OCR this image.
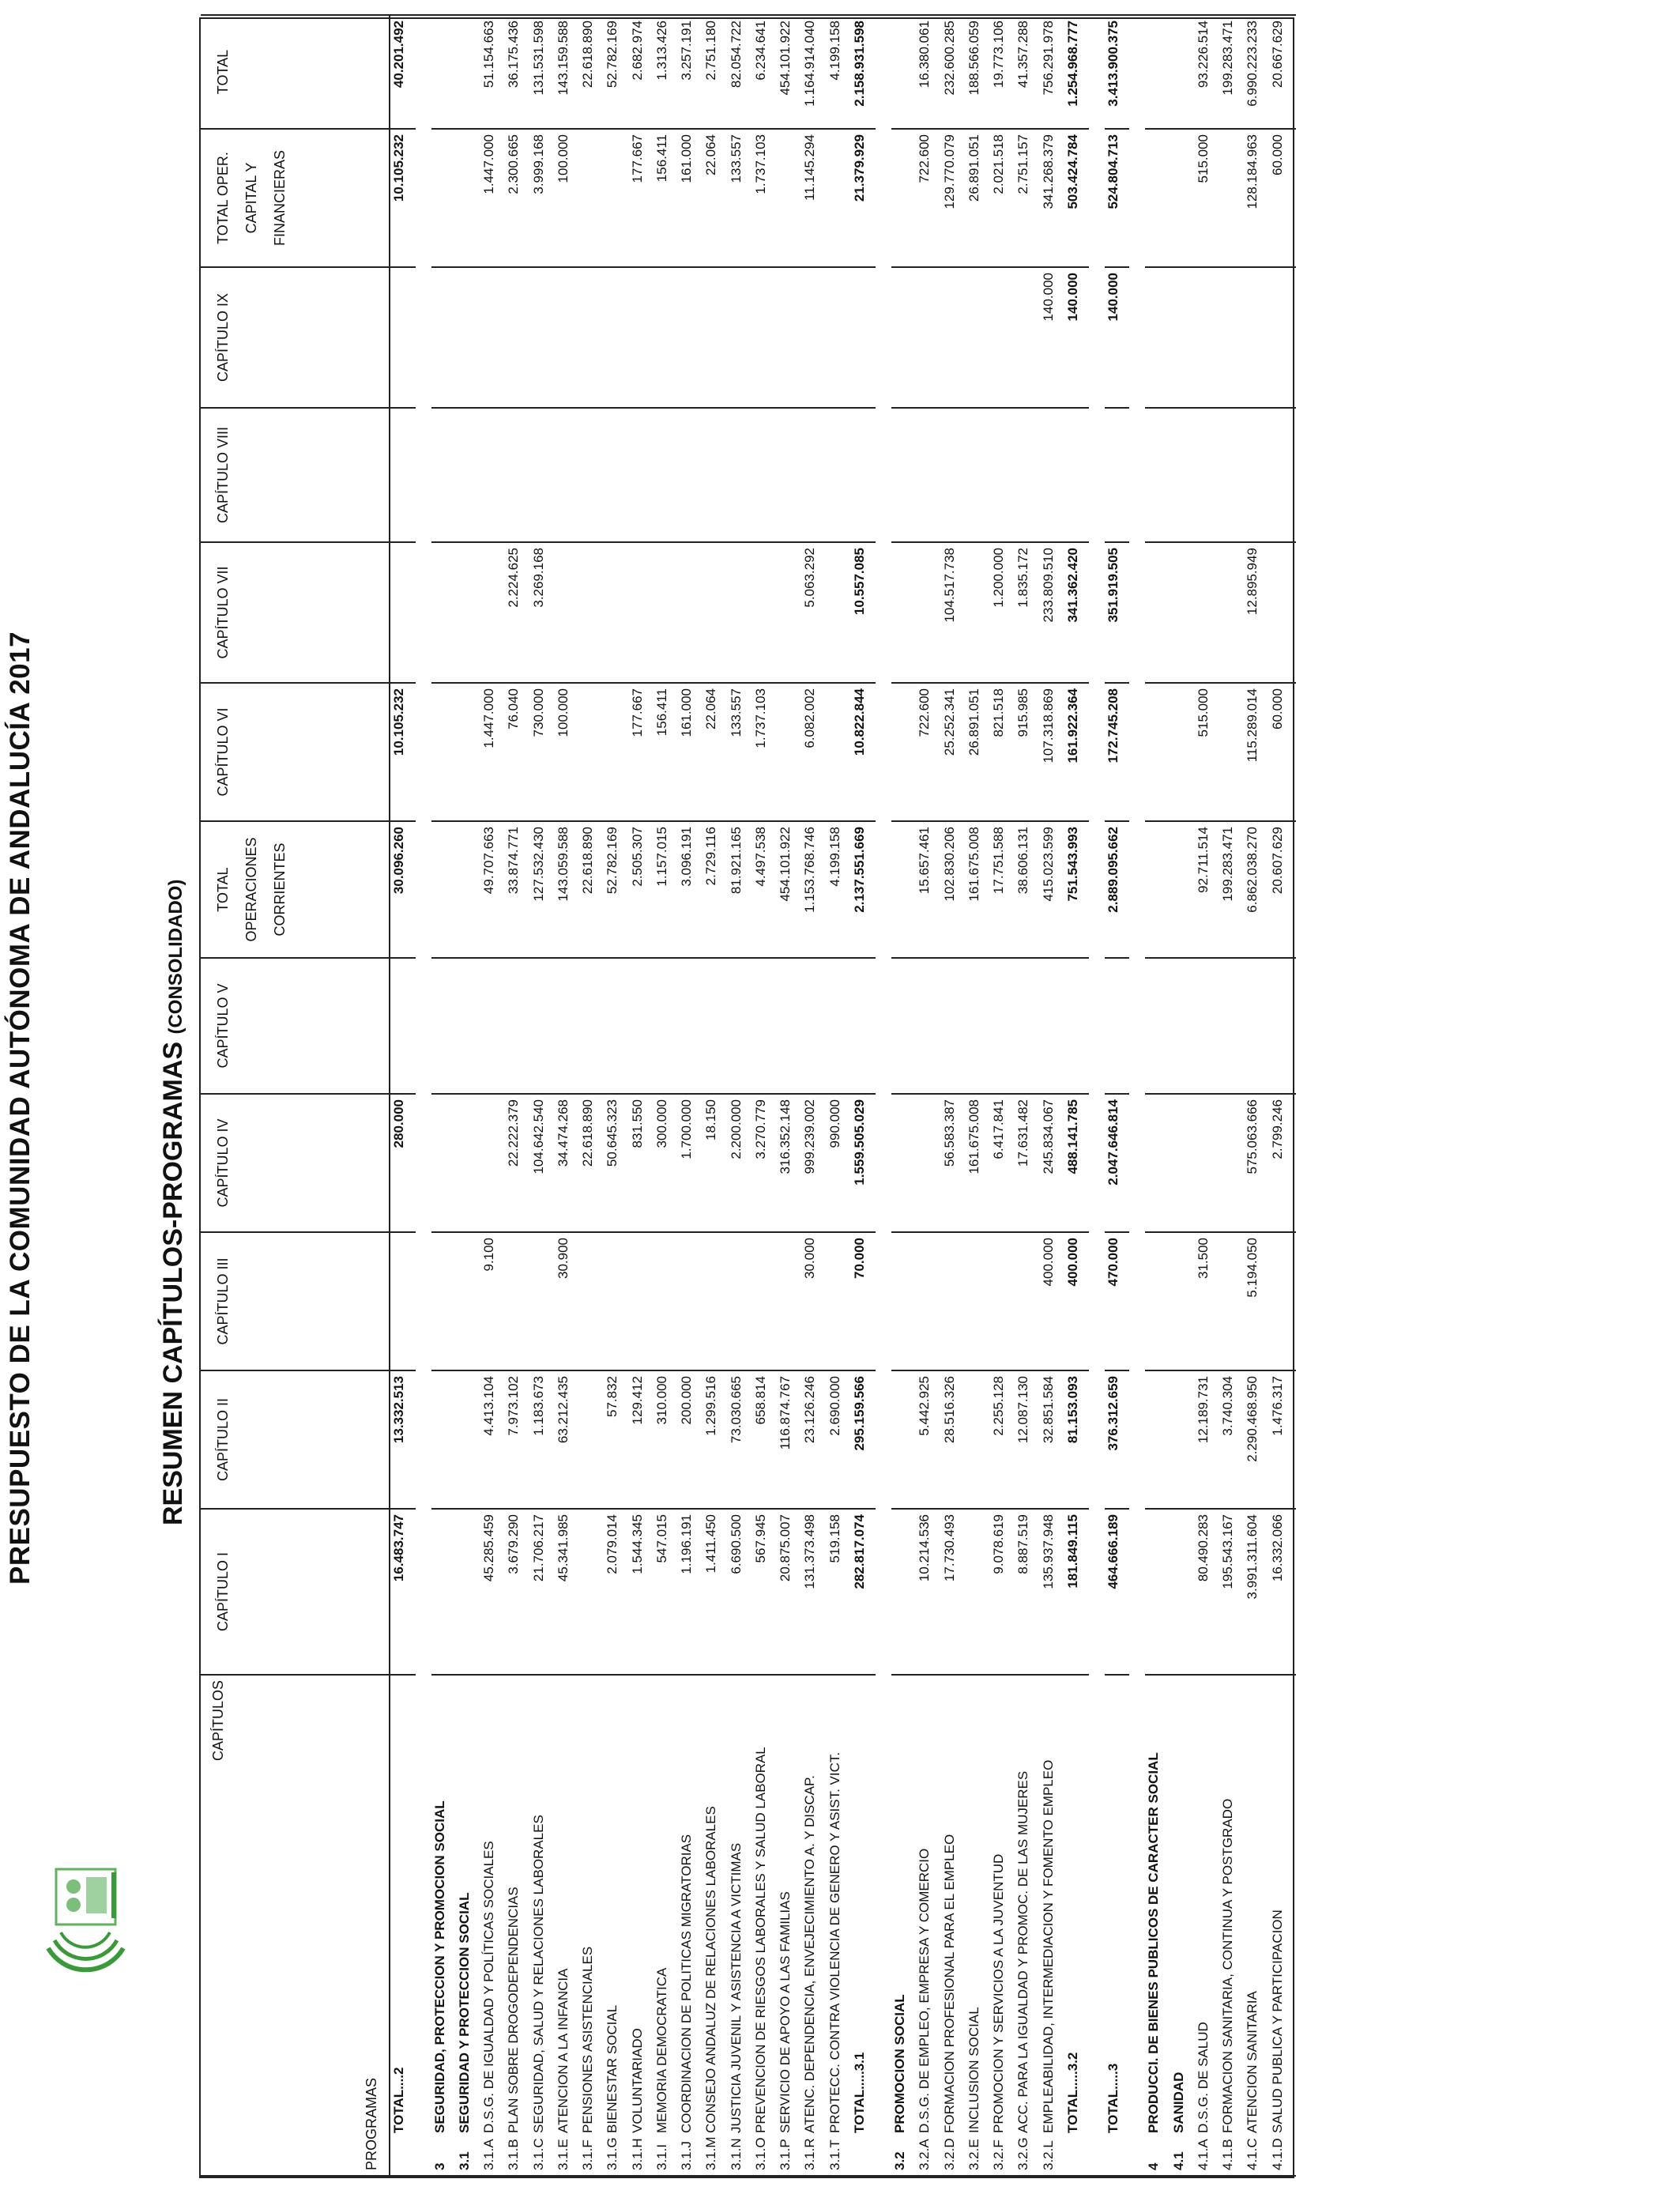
PRESUPUESTO DE LA COMUNIDAD AUTÓNOMA DE ANDALUCÍA 2017	RESUMEN CAPÍTULOS-PROGRAMAS (CONSOLIDADO)
CAPÍTULOS
PROGRAMAS		CAPÍTULO I	CAPÍTULO II	CAPÍTULO III	CAPÍTULO IV	CAPÍTULO V	TOTAL OPERACIONES CORRIENTES	CAPÍTULO VI	CAPÍTULO VII	CAPÍTULO VIII	CAPÍTULO IX	TOTAL OPER. CAPITAL Y FINANCIERAS	TOTAL
	TOTAL....2	16.483.747	13.332.513		280.000		30.096.260	10.105.232				10.105.232	40.201.492

3	SEGURIDAD, PROTECCION Y PROMOCION SOCIAL												
3.1	SEGURIDAD Y PROTECCION SOCIAL												
3.1.A	D.S.G. DE IGUALDAD Y POLÍTICAS SOCIALES	45.285.459	4.413.104	9.100			49.707.663	1.447.000				1.447.000	51.154.663
3.1.B	PLAN SOBRE DROGODEPENDENCIAS	3.679.290	7.973.102		22.222.379		33.874.771	76.040	2.224.625			2.300.665	36.175.436
3.1.C	SEGURIDAD, SALUD Y RELACIONES LABORALES	21.706.217	1.183.673		104.642.540		127.532.430	730.000	3.269.168			3.999.168	131.531.598
3.1.E	ATENCION A LA INFANCIA	45.341.985	63.212.435	30.900	34.474.268		143.059.588	100.000				100.000	143.159.588
3.1.F	PENSIONES ASISTENCIALES				22.618.890		22.618.890						22.618.890
3.1.G	BIENESTAR SOCIAL	2.079.014	57.832		50.645.323		52.782.169						52.782.169
3.1.H	VOLUNTARIADO	1.544.345	129.412		831.550		2.505.307	177.667				177.667	2.682.974
3.1.I	MEMORIA DEMOCRATICA	547.015	310.000		300.000		1.157.015	156.411				156.411	1.313.426
3.1.J	COORDINACION DE POLITICAS MIGRATORIAS	1.196.191	200.000		1.700.000		3.096.191	161.000				161.000	3.257.191
3.1.M	CONSEJO ANDALUZ DE RELACIONES LABORALES	1.411.450	1.299.516		18.150		2.729.116	22.064				22.064	2.751.180
3.1.N	JUSTICIA JUVENIL Y ASISTENCIA A VICTIMAS	6.690.500	73.030.665		2.200.000		81.921.165	133.557				133.557	82.054.722
3.1.O	PREVENCION DE RIESGOS LABORALES Y SALUD LABORAL	567.945	658.814		3.270.779		4.497.538	1.737.103				1.737.103	6.234.641
3.1.P	SERVICIO DE APOYO A LAS FAMILIAS	20.875.007	116.874.767		316.352.148		454.101.922						454.101.922
3.1.R	ATENC. DEPENDENCIA, ENVEJECIMIENTO A. Y DISCAP.	131.373.498	23.126.246	30.000	999.239.002		1.153.768.746	6.082.002	5.063.292			11.145.294	1.164.914.040
3.1.T	PROTECC. CONTRA VIOLENCIA DE GENERO Y ASIST. VICT.	519.158	2.690.000		990.000		4.199.158						4.199.158
	TOTAL.....3.1	282.817.074	295.159.566	70.000	1.559.505.029		2.137.551.669	10.822.844	10.557.085			21.379.929	2.158.931.598

3.2	PROMOCION SOCIAL												
3.2.A	D.S.G. DE EMPLEO, EMPRESA Y COMERCIO	10.214.536	5.442.925				15.657.461	722.600				722.600	16.380.061
3.2.D	FORMACION PROFESIONAL PARA EL EMPLEO	17.730.493	28.516.326		56.583.387		102.830.206	25.252.341	104.517.738			129.770.079	232.600.285
3.2.E	INCLUSION SOCIAL				161.675.008		161.675.008	26.891.051				26.891.051	188.566.059
3.2.F	PROMOCION Y SERVICIOS A LA JUVENTUD	9.078.619	2.255.128		6.417.841		17.751.588	821.518	1.200.000			2.021.518	19.773.106
3.2.G	ACC. PARA LA IGUALDAD Y PROMOC. DE LAS MUJERES	8.887.519	12.087.130		17.631.482		38.606.131	915.985	1.835.172			2.751.157	41.357.288
3.2.L	EMPLEABILIDAD, INTERMEDIACION Y FOMENTO EMPLEO	135.937.948	32.851.584	400.000	245.834.067		415.023.599	107.318.869	233.809.510		140.000	341.268.379	756.291.978
	TOTAL.....3.2	181.849.115	81.153.093	400.000	488.141.785		751.543.993	161.922.364	341.362.420		140.000	503.424.784	1.254.968.777

	TOTAL.....3	464.666.189	376.312.659	470.000	2.047.646.814		2.889.095.662	172.745.208	351.919.505		140.000	524.804.713	3.413.900.375

4	PRODUCCI. DE BIENES PUBLICOS DE CARACTER SOCIAL												
4.1	SANIDAD												
4.1.A	D.S.G. DE SALUD	80.490.283	12.189.731	31.500			92.711.514	515.000				515.000	93.226.514
4.1.B	FORMACION SANITARIA, CONTINUA Y POSTGRADO	195.543.167	3.740.304				199.283.471						199.283.471
4.1.C	ATENCION SANITARIA	3.991.311.604	2.290.468.950	5.194.050	575.063.666		6.862.038.270	115.289.014	12.895.949			128.184.963	6.990.223.233
4.1.D	SALUD PUBLICA Y PARTICIPACION	16.332.066	1.476.317		2.799.246		20.607.629	60.000				60.000	20.667.629
